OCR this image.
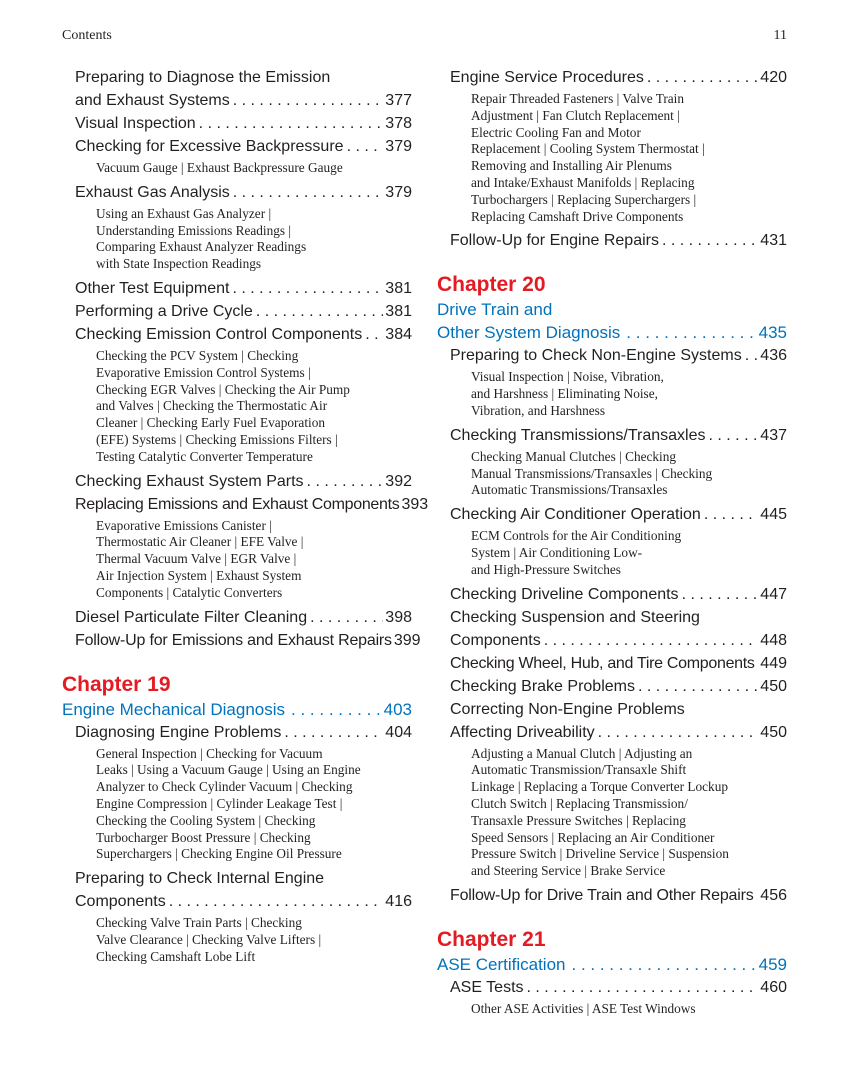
Contents	11
Preparing to Diagnose the Emission
and Exhaust Systems . . .	377
Visual Inspection . . .	378
Checking for Excessive Backpressure . . .	379
Vacuum Gauge | Exhaust Backpressure Gauge
Exhaust Gas Analysis . . .	379
Using an Exhaust Gas Analyzer |
Understanding Emissions Readings |
Comparing Exhaust Analyzer Readings
with State Inspection Readings
Other Test Equipment . . .	381
Performing a Drive Cycle . . .	381
Checking Emission Control Components . . . 384
Checking the PCV System | Checking
Evaporative Emission Control Systems |
Checking EGR Valves | Checking the Air Pump
and Valves | Checking the Thermostatic Air
Cleaner | Checking Early Fuel Evaporation
(EFE) Systems | Checking Emissions Filters |
Testing Catalytic Converter Temperature
Checking Exhaust System Parts . . .	392
Replacing Emissions and Exhaust Components 393
Evaporative Emissions Canister |
Thermostatic Air Cleaner | EFE Valve |
Thermal Vacuum Valve | EGR Valve |
Air Injection System | Exhaust System
Components | Catalytic Converters
Diesel Particulate Filter Cleaning . . .	398
Follow-Up for Emissions and Exhaust Repairs 399
Chapter 19
Engine Mechanical Diagnosis . . .	403
Diagnosing Engine Problems . . .	404
General Inspection | Checking for Vacuum
Leaks | Using a Vacuum Gauge | Using an Engine
Analyzer to Check Cylinder Vacuum | Checking
Engine Compression | Cylinder Leakage Test |
Checking the Cooling System | Checking
Turbocharger Boost Pressure | Checking
Superchargers | Checking Engine Oil Pressure
Preparing to Check Internal Engine
Components . . .	416
Checking Valve Train Parts | Checking
Valve Clearance | Checking Valve Lifters |
Checking Camshaft Lobe Lift
Engine Service Procedures . . .	420
Repair Threaded Fasteners | Valve Train
Adjustment | Fan Clutch Replacement |
Electric Cooling Fan and Motor
Replacement | Cooling System Thermostat |
Removing and Installing Air Plenums
and Intake/Exhaust Manifolds | Replacing
Turbochargers | Replacing Superchargers |
Replacing Camshaft Drive Components
Follow-Up for Engine Repairs . . .	431
Chapter 20
Drive Train and
Other System Diagnosis . . .	435
Preparing to Check Non-Engine Systems . . . 436
Visual Inspection | Noise, Vibration,
and Harshness | Eliminating Noise,
Vibration, and Harshness
Checking Transmissions/Transaxles . . .	437
Checking Manual Clutches | Checking
Manual Transmissions/Transaxles | Checking
Automatic Transmissions/Transaxles
Checking Air Conditioner Operation . . .	445
ECM Controls for the Air Conditioning
System | Air Conditioning Low-
and High-Pressure Switches
Checking Driveline Components . . .	447
Checking Suspension and Steering
Components . . .	448
Checking Wheel, Hub, and Tire Components . . . 449
Checking Brake Problems . . .	450
Correcting Non-Engine Problems
Affecting Driveability . . .	450
Adjusting a Manual Clutch | Adjusting an
Automatic Transmission/Transaxle Shift
Linkage | Replacing a Torque Converter Lockup
Clutch Switch | Replacing Transmission/
Transaxle Pressure Switches | Replacing
Speed Sensors | Replacing an Air Conditioner
Pressure Switch | Driveline Service | Suspension
and Steering Service | Brake Service
Follow-Up for Drive Train and Other Repairs . . . 456
Chapter 21
ASE Certification . . .	459
ASE Tests . . .	460
Other ASE Activities | ASE Test Windows
